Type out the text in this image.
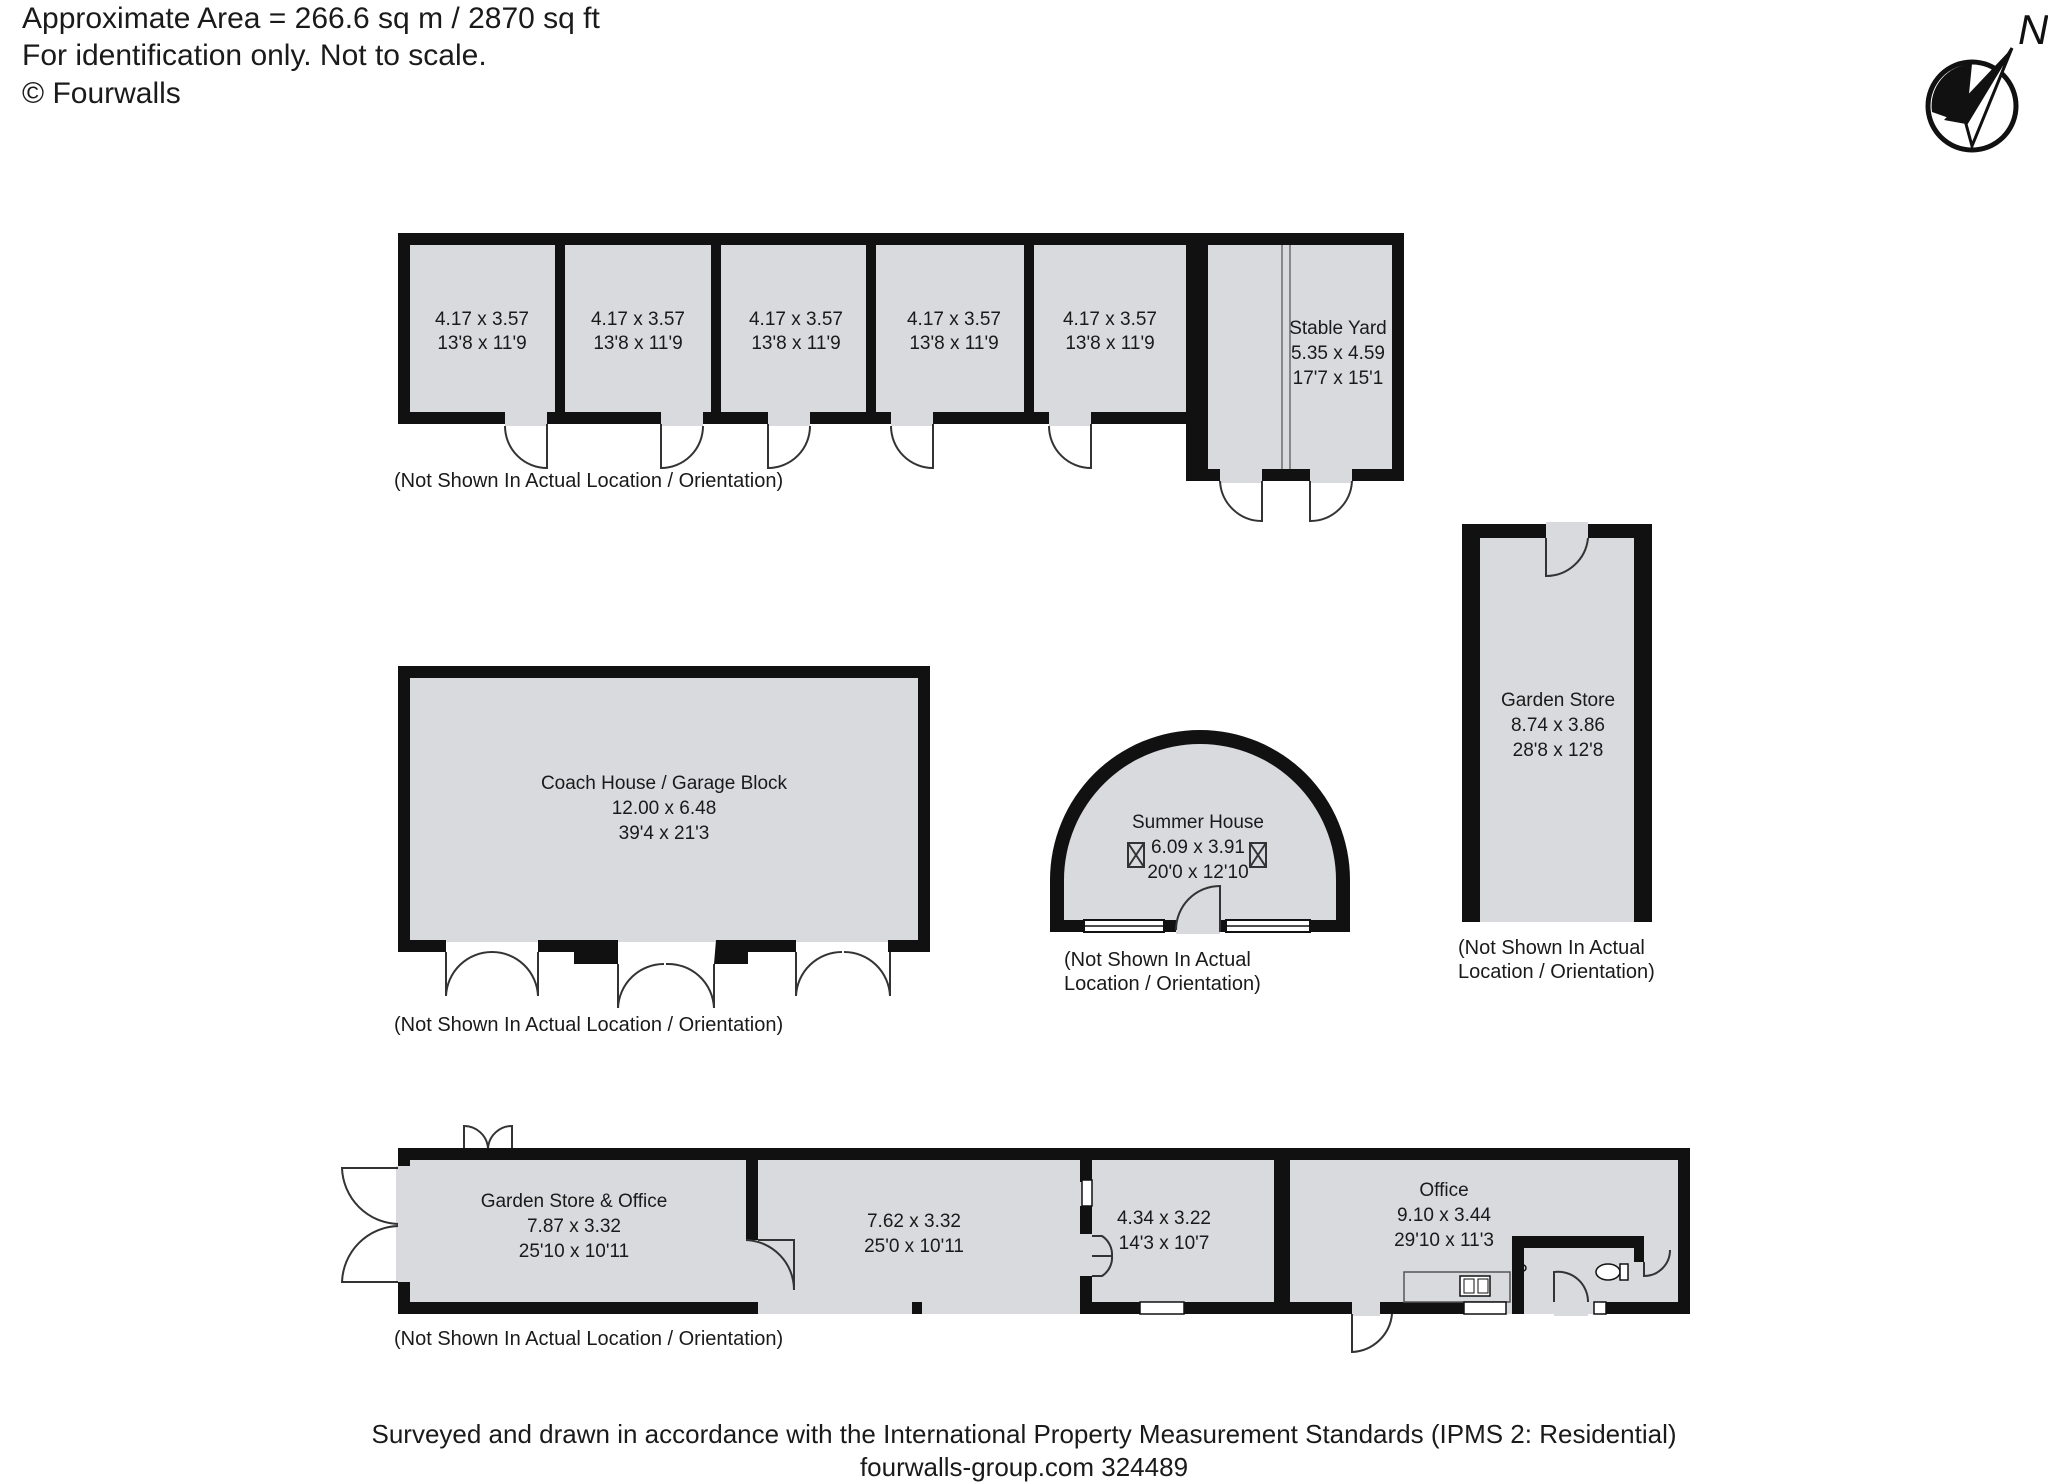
Approximate Area = 266.6 sq m / 2870 sq ft
For identification only. Not to scale.
© Fourwalls
N
4.17 x 3.57
13'8 x 11'9
4.17 x 3.57
13'8 x 11'9
4.17 x 3.57
13'8 x 11'9
4.17 x 3.57
13'8 x 11'9
4.17 x 3.57
13'8 x 11'9
Stable Yard
5.35 x 4.59
17'7 x 15'1
Coach House / Garage Block
12.00 x 6.48
39'4 x 21'3
Summer House
6.09 x 3.91
20'0 x 12'10
Garden Store
8.74 x 3.86
28'8 x 12'8
Garden Store & Office
7.87 x 3.32
25'10 x 10'11
7.62 x 3.32
25'0 x 10'11
4.34 x 3.22
14'3 x 10'7
Office
9.10 x 3.44
29'10 x 11'3
(Not Shown In Actual Location / Orientation)
(Not Shown In Actual Location / Orientation)
(Not Shown In Actual
Location / Orientation)
(Not Shown In Actual
Location / Orientation)
(Not Shown In Actual Location / Orientation)
Surveyed and drawn in accordance with the International Property Measurement Standards (IPMS 2: Residential)
fourwalls-group.com 324489
